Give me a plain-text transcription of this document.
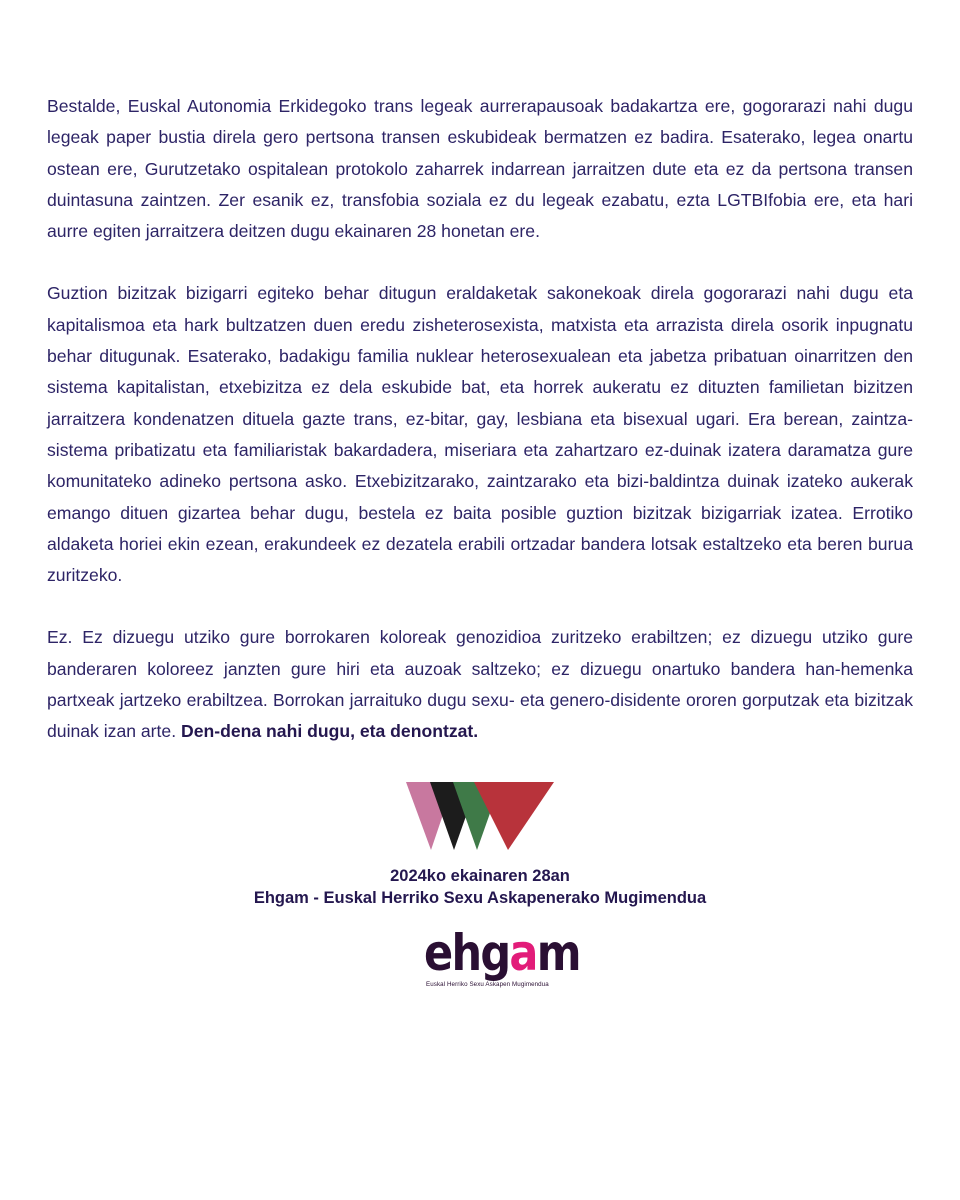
Bestalde, Euskal Autonomia Erkidegoko trans legeak aurrerapausoak badakartza ere, gogorarazi nahi dugu legeak paper bustia direla gero pertsona transen eskubideak bermatzen ez badira. Esaterako, legea onartu ostean ere, Gurutzetako ospitalean protokolo zaharrek indarrean jarraitzen dute eta ez da pertsona transen duintasuna zaintzen. Zer esanik ez, transfobia soziala ez du legeak ezabatu, ezta LGTBIfobia ere, eta hari aurre egiten jarraitzera deitzen dugu ekainaren 28 honetan ere.

Guztion bizitzak bizigarri egiteko behar ditugun eraldaketak sakonekoak direla gogorarazi nahi dugu eta kapitalismoa eta hark bultzatzen duen eredu zisheterosexista, matxista eta arrazista direla osorik inpugnatu behar ditugunak. Esaterako, badakigu familia nuklear heterosexualean eta jabetza pribatuan oinarritzen den sistema kapitalistan, etxebizitza ez dela eskubide bat, eta horrek aukeratu ez dituzten familietan bizitzen jarraitzera kondenatzen dituela gazte trans, ez-bitar, gay, lesbiana eta bisexual ugari. Era berean, zaintza-sistema pribatizatu eta familiaristak bakardadera, miseriara eta zahartzaro ez-duinak izatera daramatza gure komunitateko adineko pertsona asko. Etxebizitzarako, zaintzarako eta bizi-baldintza duinak izateko aukerak emango dituen gizartea behar dugu, bestela ez baita posible guztion bizitzak bizigarriak izatea. Errotiko aldaketa horiei ekin ezean, erakundeek ez dezatela erabili ortzadar bandera lotsak estaltzeko eta beren burua zuritzeko.

Ez. Ez dizuegu utziko gure borrokaren koloreak genozidioa zuritzeko erabiltzen; ez dizuegu utziko gure banderaren koloreez janzten gure hiri eta auzoak saltzeko; ez dizuegu onartuko bandera han-hemenka partxeak jartzeko erabiltzea. Borrokan jarraituko dugu sexu- eta genero-disidente ororen gorputzak eta bizitzak duinak izan arte. Den-dena nahi dugu, eta denontzat.

2024ko ekainaren 28an
Ehgam - Euskal Herriko Sexu Askapenerako Mugimendua
ehgam
Euskal Herriko Sexu Askapen Mugimendua
